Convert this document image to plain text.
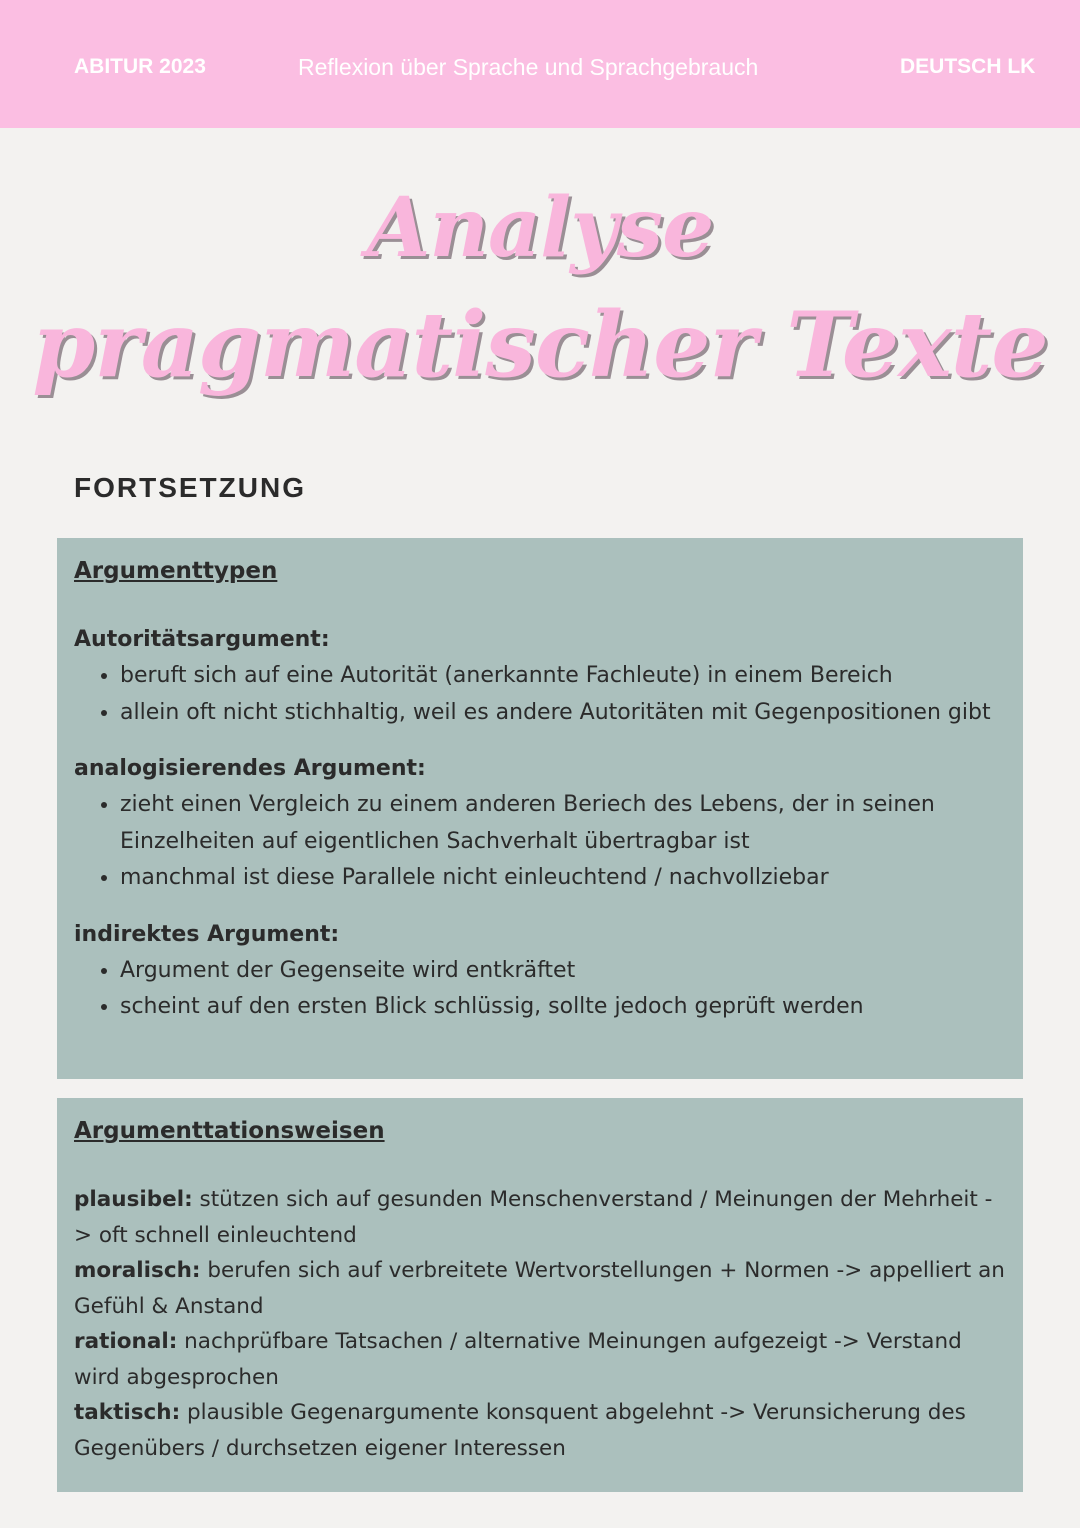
ABITUR 2023	Reflexion über Sprache und Sprachgebrauch	DEUTSCH LK
Analyse
pragmatischer Texte
FORTSETZUNG
Argumenttypen
Autoritätsargument:
• beruft sich auf eine Autorität (anerkannte Fachleute) in einem Bereich
• allein oft nicht stichhaltig, weil es andere Autoritäten mit Gegenpositionen gibt
analogisierendes Argument:
• zieht einen Vergleich zu einem anderen Beriech des Lebens, der in seinen Einzelheiten auf eigentlichen Sachverhalt übertragbar ist
• manchmal ist diese Parallele nicht einleuchtend / nachvollziebar
indirektes Argument:
• Argument der Gegenseite wird entkräftet
• scheint auf den ersten Blick schlüssig, sollte jedoch geprüft werden
Argumenttationsweisen
plausibel: stützen sich auf gesunden Menschenverstand / Meinungen der Mehrheit -> oft schnell einleuchtend
moralisch: berufen sich auf verbreitete Wertvorstellungen + Normen -> appelliert an Gefühl & Anstand
rational: nachprüfbare Tatsachen / alternative Meinungen aufgezeigt -> Verstand wird abgesprochen
taktisch: plausible Gegenargumente konsquent abgelehnt -> Verunsicherung des Gegenübers / durchsetzen eigener Interessen
